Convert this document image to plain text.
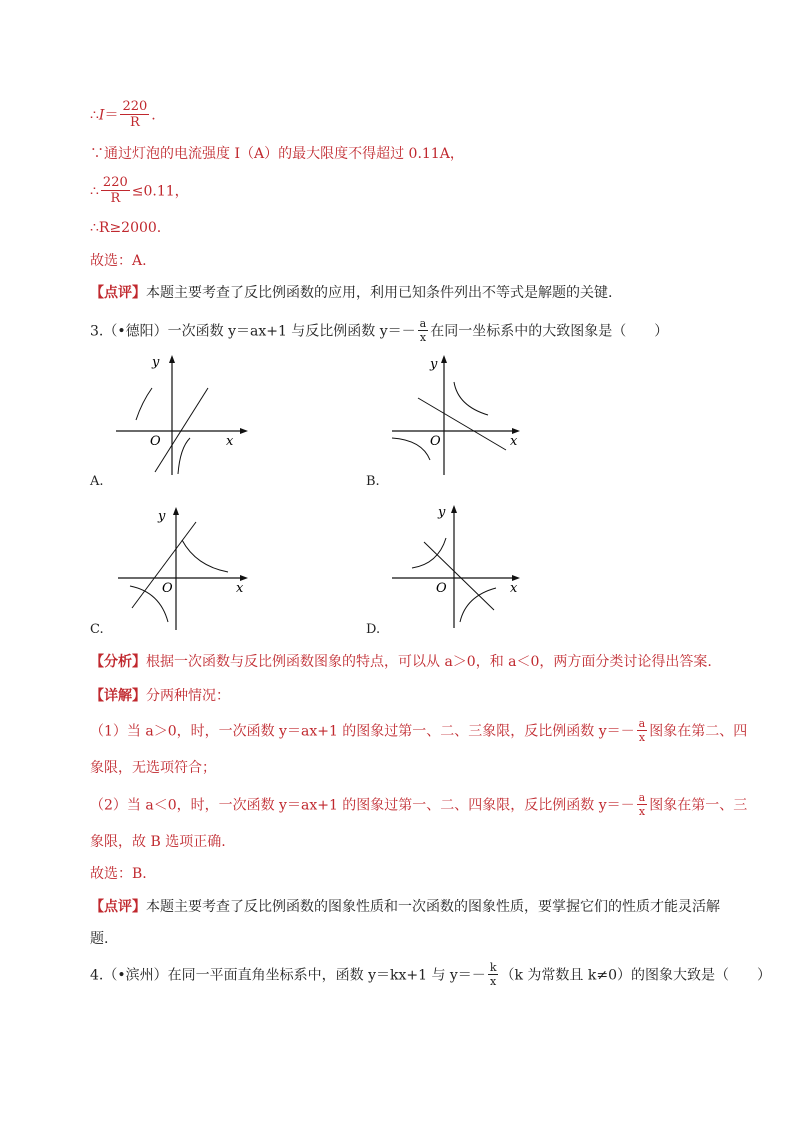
∴I＝ $\frac{220}{R}$ .
∵通过灯泡的电流强度 I（A）的最大限度不得超过 0.11A，
∴ $\frac{220}{R} \le 0.11$，
∴R≥2000.
故选：A.
【点评】本题主要考查了反比例函数的应用，利用已知条件列出不等式是解题的关键.
3.（•德阳）一次函数 y＝ax+1 与反比例函数 $y=- \frac{a}{x}$ 在同一坐标系中的大致图象是（　　）
y
x
O
A.
y
x
O
B.
y
x
O
C.
y
x
O
D.
【分析】根据一次函数与反比例函数图象的特点，可以从 a＞0，和 a＜0，两方面分类讨论得出答案.
【详解】分两种情况：
（1）当 a＞0，时，一次函数 y＝ax+1 的图象过第一、二、三象限，反比例函数 $y=- \frac{a}{x}$ 图象在第二、四
象限，无选项符合；
（2）当 a＜0，时，一次函数 y＝ax+1 的图象过第一、二、四象限，反比例函数 $y=- \frac{a}{x}$ 图象在第一、三
象限，故 B 选项正确.
故选：B.
【点评】本题主要考查了反比例函数的图象性质和一次函数的图象性质，要掌握它们的性质才能灵活解
题.
4.（•滨州）在同一平面直角坐标系中，函数 y＝kx+1 与 $y=- \frac{k}{x} (k$ 为常数且 k≠0）的图象大致是（　　）
